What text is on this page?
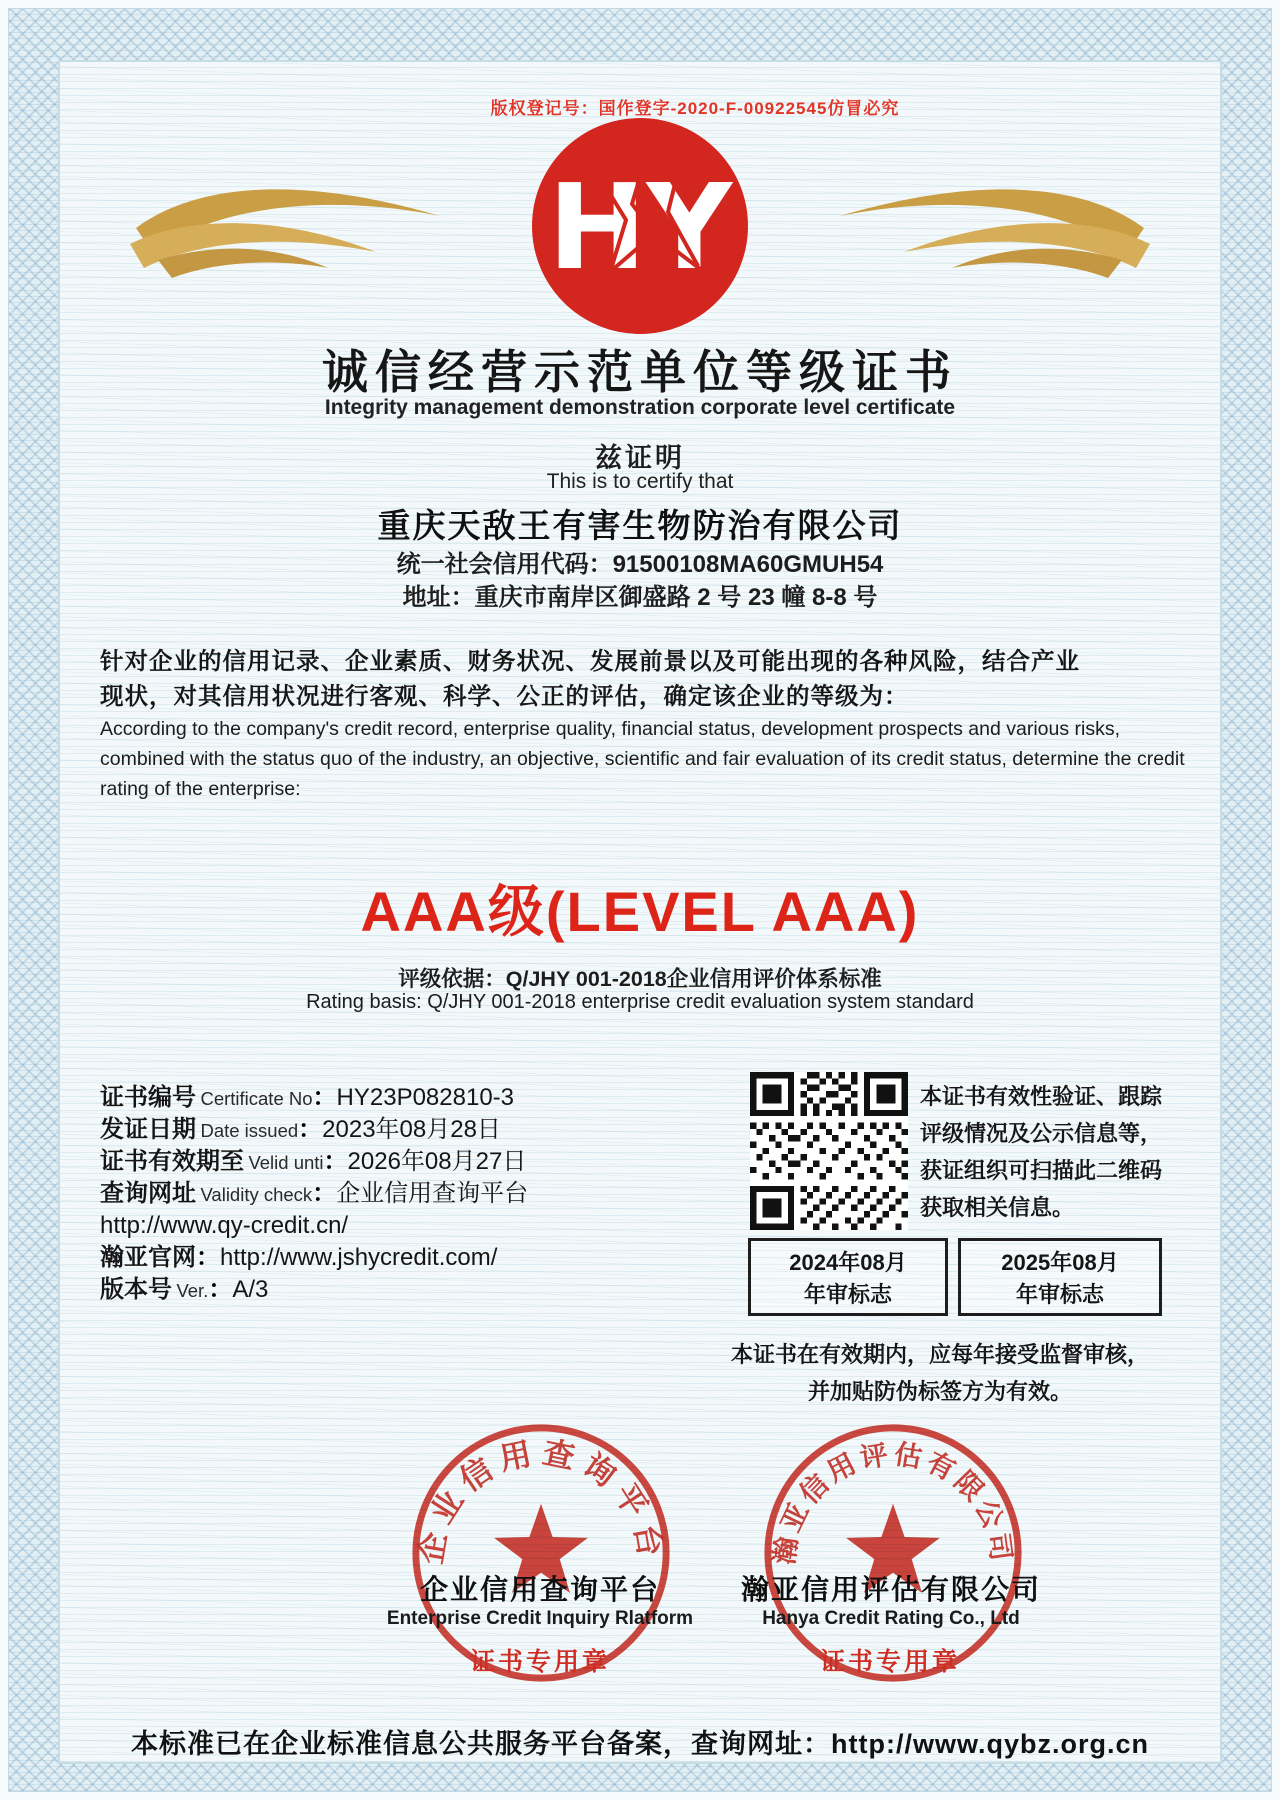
版权登记号：国作登字-2020-F-00922545仿冒必究
HY
诚信经营示范单位等级证书
Integrity management demonstration corporate level certificate
兹证明
This is to certify that
重庆天敌王有害生物防治有限公司
统一社会信用代码：91500108MA60GMUH54
地址：重庆市南岸区御盛路 2 号 23 幢 8-8 号
针对企业的信用记录、企业素质、财务状况、发展前景以及可能出现的各种风险，结合产业
现状，对其信用状况进行客观、科学、公正的评估，确定该企业的等级为：
According to the company's credit record, enterprise quality, financial status, development prospects and various risks, combined with the status quo of the industry, an objective, scientific and fair evaluation of its credit status, determine the credit rating of the enterprise:
AAA级(LEVEL AAA)
评级依据：Q/JHY 001-2018企业信用评价体系标准
Rating basis: Q/JHY 001-2018 enterprise credit evaluation system standard
证书编号 Certificate No：HY23P082810-3
发证日期 Date issued：2023年08月28日
证书有效期至 Velid unti：2026年08月27日
查询网址 Validity check：企业信用查询平台
http://www.qy-credit.cn/
瀚亚官网：http://www.jshycredit.com/
版本号 Ver.：A/3
本证书有效性验证、跟踪
评级情况及公示信息等，
获证组织可扫描此二维码
获取相关信息。
2024年08月
年审标志
2025年08月
年审标志
本证书在有效期内，应每年接受监督审核，
并加贴防伪标签方为有效。
企业信用查询平台	瀚亚信用评估有限公司
企业信用查询平台
Enterprise Credit Inquiry Rlatform
瀚亚信用评估有限公司
Hanya Credit Rating Co., Ltd
证书专用章	证书专用章
本标准已在企业标准信息公共服务平台备案，查询网址：http://www.qybz.org.cn
